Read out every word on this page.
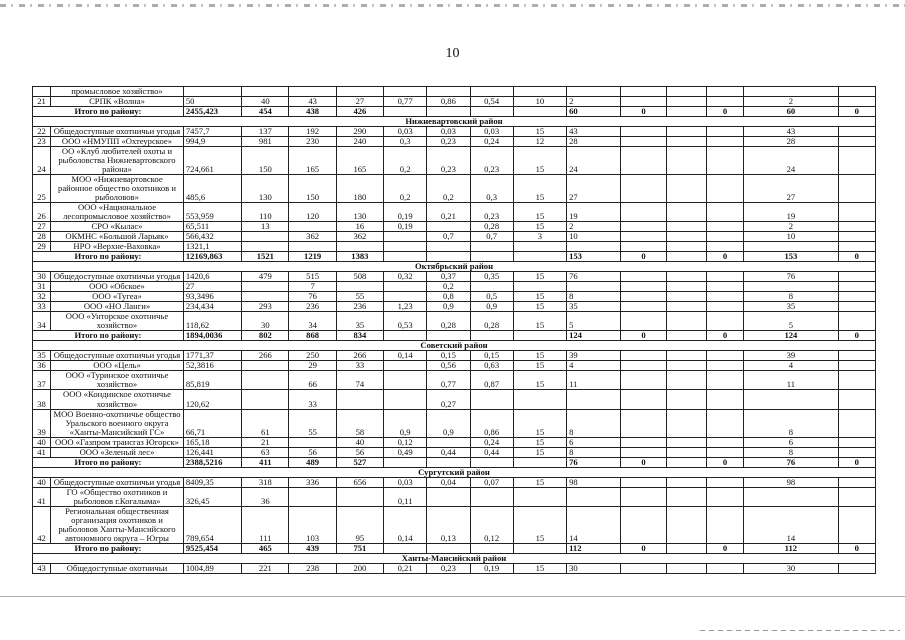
10
	промысловое хозяйство»														
21	СРПК «Волна»	50	40	43	27	0,77	0,86	0,54	10	2				2	
Итого по району:		2455,423	454	438	426					60	0		0	60	0
Нижневартовский район															
22	Общедоступные охотничьи угодья	7457,7	137	192	290	0,03	0,03	0,03	15	43				43	
23	ООО «НМУПП «Охтеурское»	994,9	981	230	240	0,3	0,23	0,24	12	28				28	
24	ОО «Клуб любителей охоты и рыболовства Нижневартовского района»	724,661	150	165	165	0,2	0,23	0,23	15	24				24	
25	МОО «Нижневартовское районное общество охотников и рыболовов»	485,6	130	150	180	0,2	0,2	0,3	15	27				27	
26	ООО «Национальное лесопромысловое хозяйство»	553,959	110	120	130	0,19	0,21	0,23	15	19				19	
27	СРО «Кылас»	65,511	13		16	0,19		0,28	15	2				2	
28	ОКМНС «Большой Ларьяк»	566,432		362	362		0,7	0,7	3	10				10	
29	НРО «Верхне-Ваховка»	1321,1													
Итого по району:		12169,863	1521	1219	1383					153	0		0	153	0
Октябрьский район															
30	Общедоступные охотничьи угодья	1420,6	479	515	508	0,32	0,37	0,35	15	76				76	
31	ООО «Обское»	27		7			0,2								
32	ООО «Тугеа»	93,3496		76	55		0,8	0,5	15	8				8	
33	ООО «НО Ланги»	234,434	293	236	236	1,23	0,9	0,9	15	35				35	
34	ООО «Унторское охотничье хозяйство»	118,62	30	34	35	0,53	0,28	0,28	15	5				5	
Итого по району:		1894,0036	802	868	834					124	0		0	124	0
Советский район															
35	Общедоступные охотничьи угодья	1771,37	266	250	266	0,14	0,15	0,15	15	39				39	
36	ООО «Цель»	52,3816		29	33		0,56	0,63	15	4				4	
37	ООО «Туринское охотничье хозяйство»	85,819		66	74		0,77	0,87	15	11				11	
38	ООО «Кондинское охотничье хозяйство»	120,62		33			0,27								
39	МОО Военно-охотничье общество Уральского военного округа «Ханты-Мансийский ГС»	66,71	61	55	58	0,9	0,9	0,86	15	8				8	
40	ООО «Газпром трансгаз Югорск»	165,18	21		40	0,12		0,24	15	6				6	
41	ООО «Зеленый лес»	126,441	63	56	56	0,49	0,44	0,44	15	8				8	
Итого по району:		2388,5216	411	489	527					76	0		0	76	0
Сургутский район															
40	Общедоступные охотничьи угодья	8409,35	318	336	656	0,03	0,04	0,07	15	98				98	
41	ГО «Общество охотников и рыболовов г.Когалыма»	326,45	36			0,11									
42	Региональная общественная организация охотников и рыболовов Ханты-Мансийского автономного округа – Югры	789,654	111	103	95	0,14	0,13	0,12	15	14				14	
Итого по району:		9525,454	465	439	751					112	0		0	112	0
Ханты-Мансийский район															
43	Общедоступные охотничьи	1004,89	221	238	200	0,21	0,23	0,19	15	30				30	
